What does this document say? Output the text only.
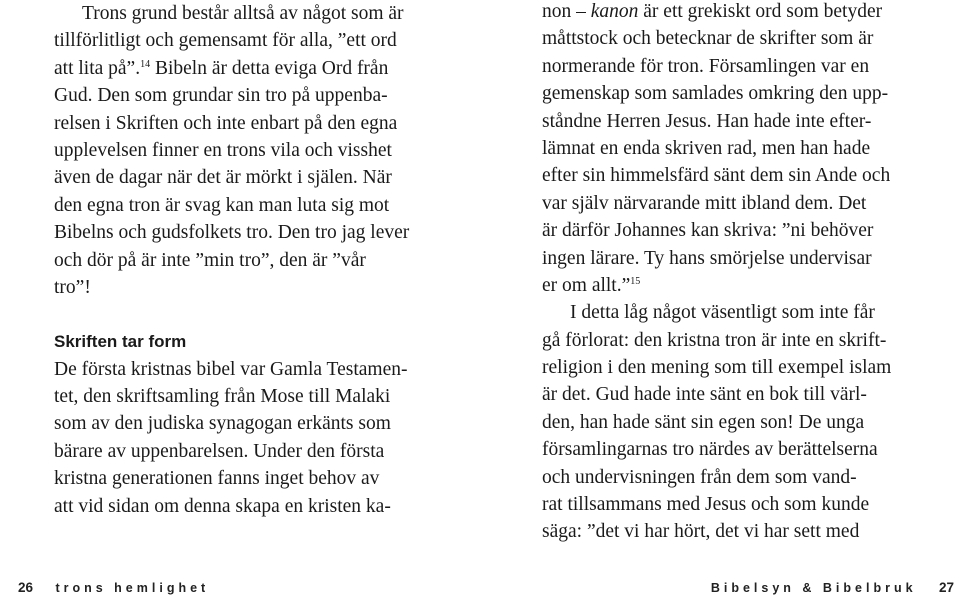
Trons grund består alltså av något som är
tillförlitligt och gemensamt för alla, ”ett ord
att lita på”.$^{14}$ Bibeln är detta eviga Ord från
Gud. Den som grundar sin tro på uppenba-
relsen i Skriften och inte enbart på den egna
upplevelsen finner en trons vila och visshet
även de dagar när det är mörkt i själen. När
den egna tron är svag kan man luta sig mot
Bibelns och gudsfolkets tro. Den tro jag lever
och dör på är inte ”min tro”, den är ”vår
tro”!
Skriften tar form
De första kristnas bibel var Gamla Testamen-
tet, den skriftsamling från Mose till Malaki
som av den judiska synagogan erkänts som
bärare av uppenbarelsen. Under den första
kristna generationen fanns inget behov av
att vid sidan om denna skapa en kristen ka-
non – kanon är ett grekiskt ord som betyder
måttstock och betecknar de skrifter som är
normerande för tron. Församlingen var en
gemenskap som samlades omkring den upp-
ståndne Herren Jesus. Han hade inte efter-
lämnat en enda skriven rad, men han hade
efter sin himmelsfärd sänt dem sin Ande och
var själv närvarande mitt ibland dem. Det
är därför Johannes kan skriva: ”ni behöver
ingen lärare. Ty hans smörjelse undervisar
er om allt.”$^{15}$
I detta låg något väsentligt som inte får
gå förlorat: den kristna tron är inte en skrift-
religion i den mening som till exempel islam
är det. Gud hade inte sänt en bok till värl-
den, han hade sänt sin egen son! De unga
församlingarnas tro närdes av berättelserna
och undervisningen från dem som vand-
rat tillsammans med Jesus och som kunde
säga: ”det vi har hört, det vi har sett med
26 trons hemlighet	Bibelsyn & Bibelbruk 27
